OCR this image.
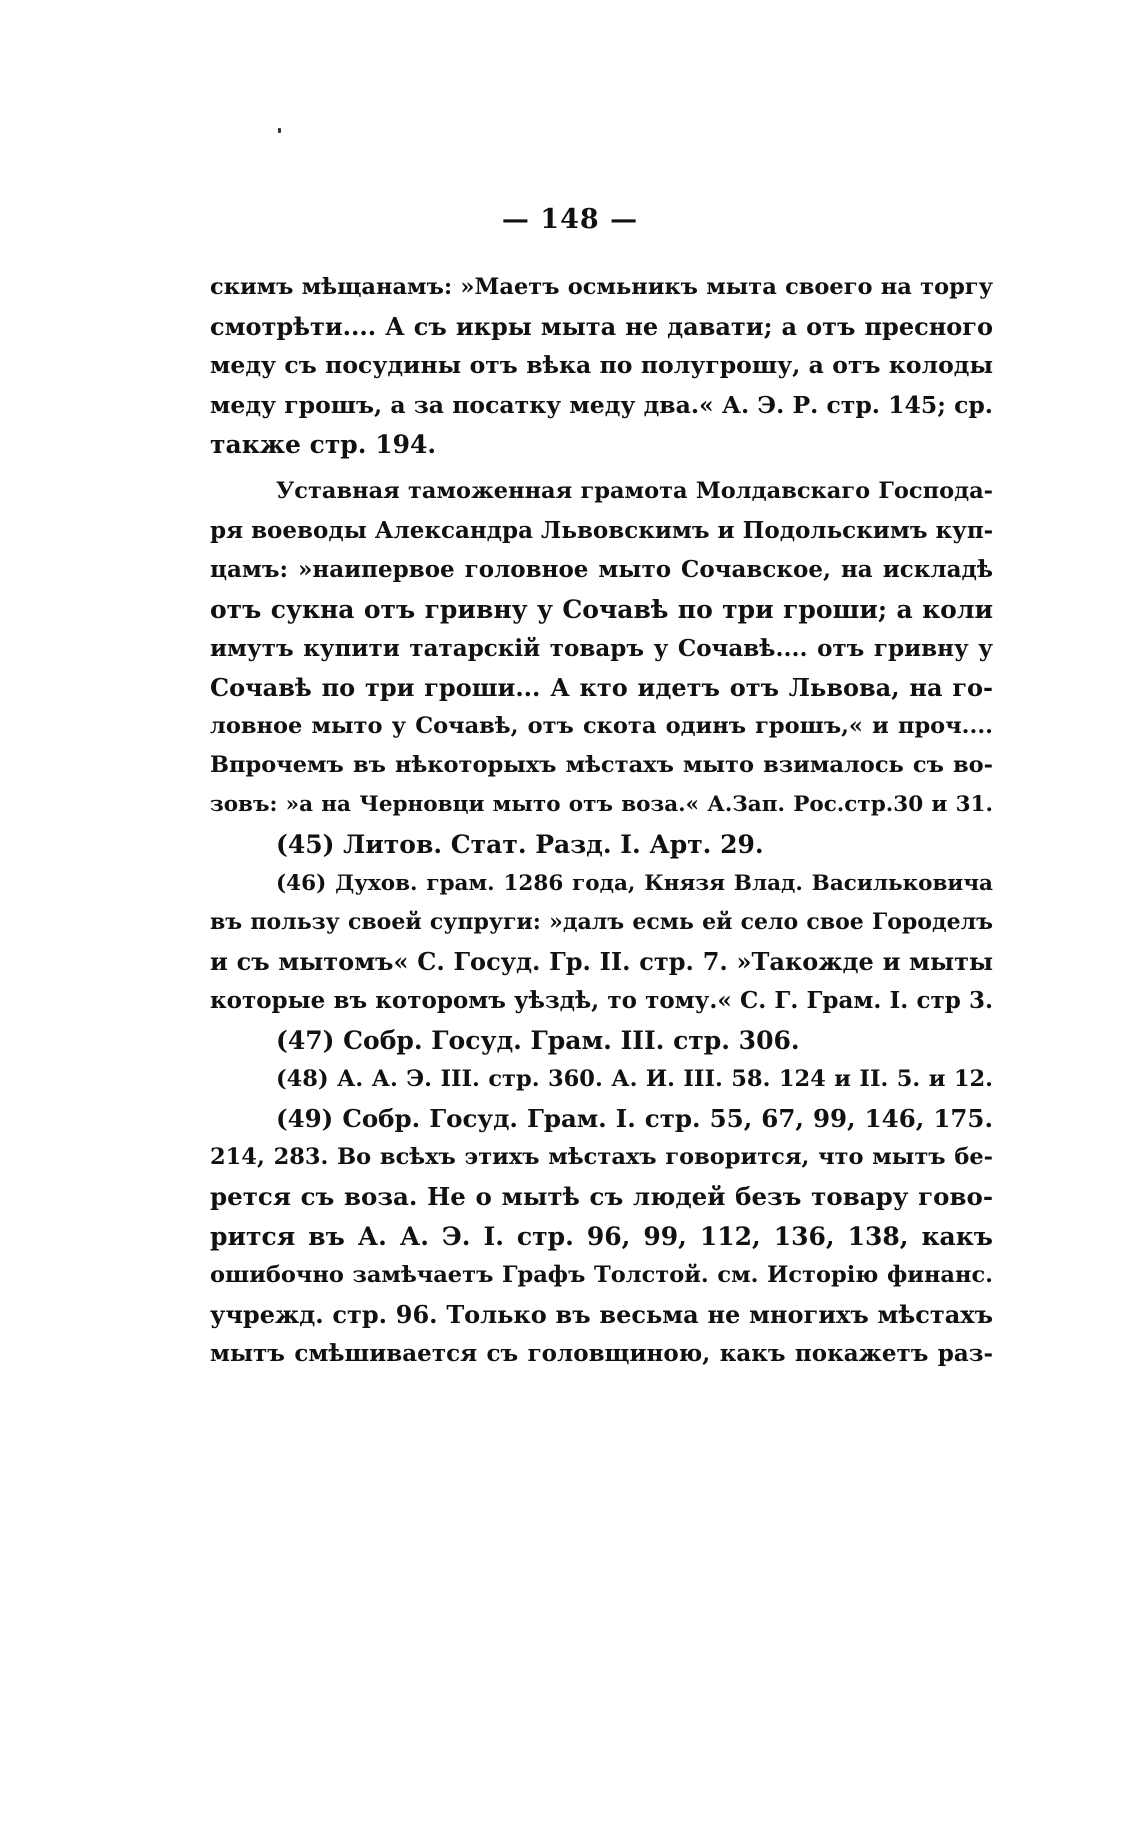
— 148 —
скимъ мѣщанамъ: »Маетъ осмьникъ мыта своего на торгу
смотрѣти.... А съ икры мыта не давати; а отъ пресного
меду съ посудины отъ вѣка по полугрошу, а отъ колоды
меду грошъ, а за посатку меду два.« А. Э. Р. стр. 145; ср.
также стр. 194.
Уставная таможенная грамота Молдавскаго Господа-
ря воеводы Александра Львовскимъ и Подольскимъ куп-
цамъ: »наипервое головное мыто Сочавское, на искладѣ
отъ сукна отъ гривну у Сочавѣ по три гроши; а коли
имутъ купити татарскій товаръ у Сочавѣ.... отъ гривну у
Сочавѣ по три гроши... А кто идетъ отъ Львова, на го-
ловное мыто у Сочавѣ, отъ скота одинъ грошъ,« и проч....
Впрочемъ въ нѣкоторыхъ мѣстахъ мыто взималось съ во-
зовъ: »а на Черновци мыто отъ воза.« А.Зап. Рос.стр.30 и 31.
(45) Литов. Стат. Разд. I. Арт. 29.
(46) Духов. грам. 1286 года, Князя Влад. Васильковича
въ пользу своей супруги: »далъ есмь ей село свое Городелъ
и съ мытомъ« С. Госуд. Гр. II. стр. 7. »Такожде и мыты
которые въ которомъ уѣздѣ, то тому.« С. Г. Грам. I. стр 3.
(47) Собр. Госуд. Грам. III. стр. 306.
(48) А. А. Э. III. стр. 360. А. И. III. 58. 124 и II. 5. и 12.
(49) Собр. Госуд. Грам. I. стр. 55, 67, 99, 146, 175.
214, 283. Во всѣхъ этихъ мѣстахъ говорится, что мытъ бе-
рется съ воза. Не о мытѣ съ людей безъ товару гово-
рится въ А. А. Э. I. стр. 96, 99, 112, 136, 138, какъ
ошибочно замѣчаетъ Графъ Толстой. см. Исторію финанс.
учрежд. стр. 96. Только въ весьма не многихъ мѣстахъ
мытъ смѣшивается съ головщиною, какъ покажетъ раз-
